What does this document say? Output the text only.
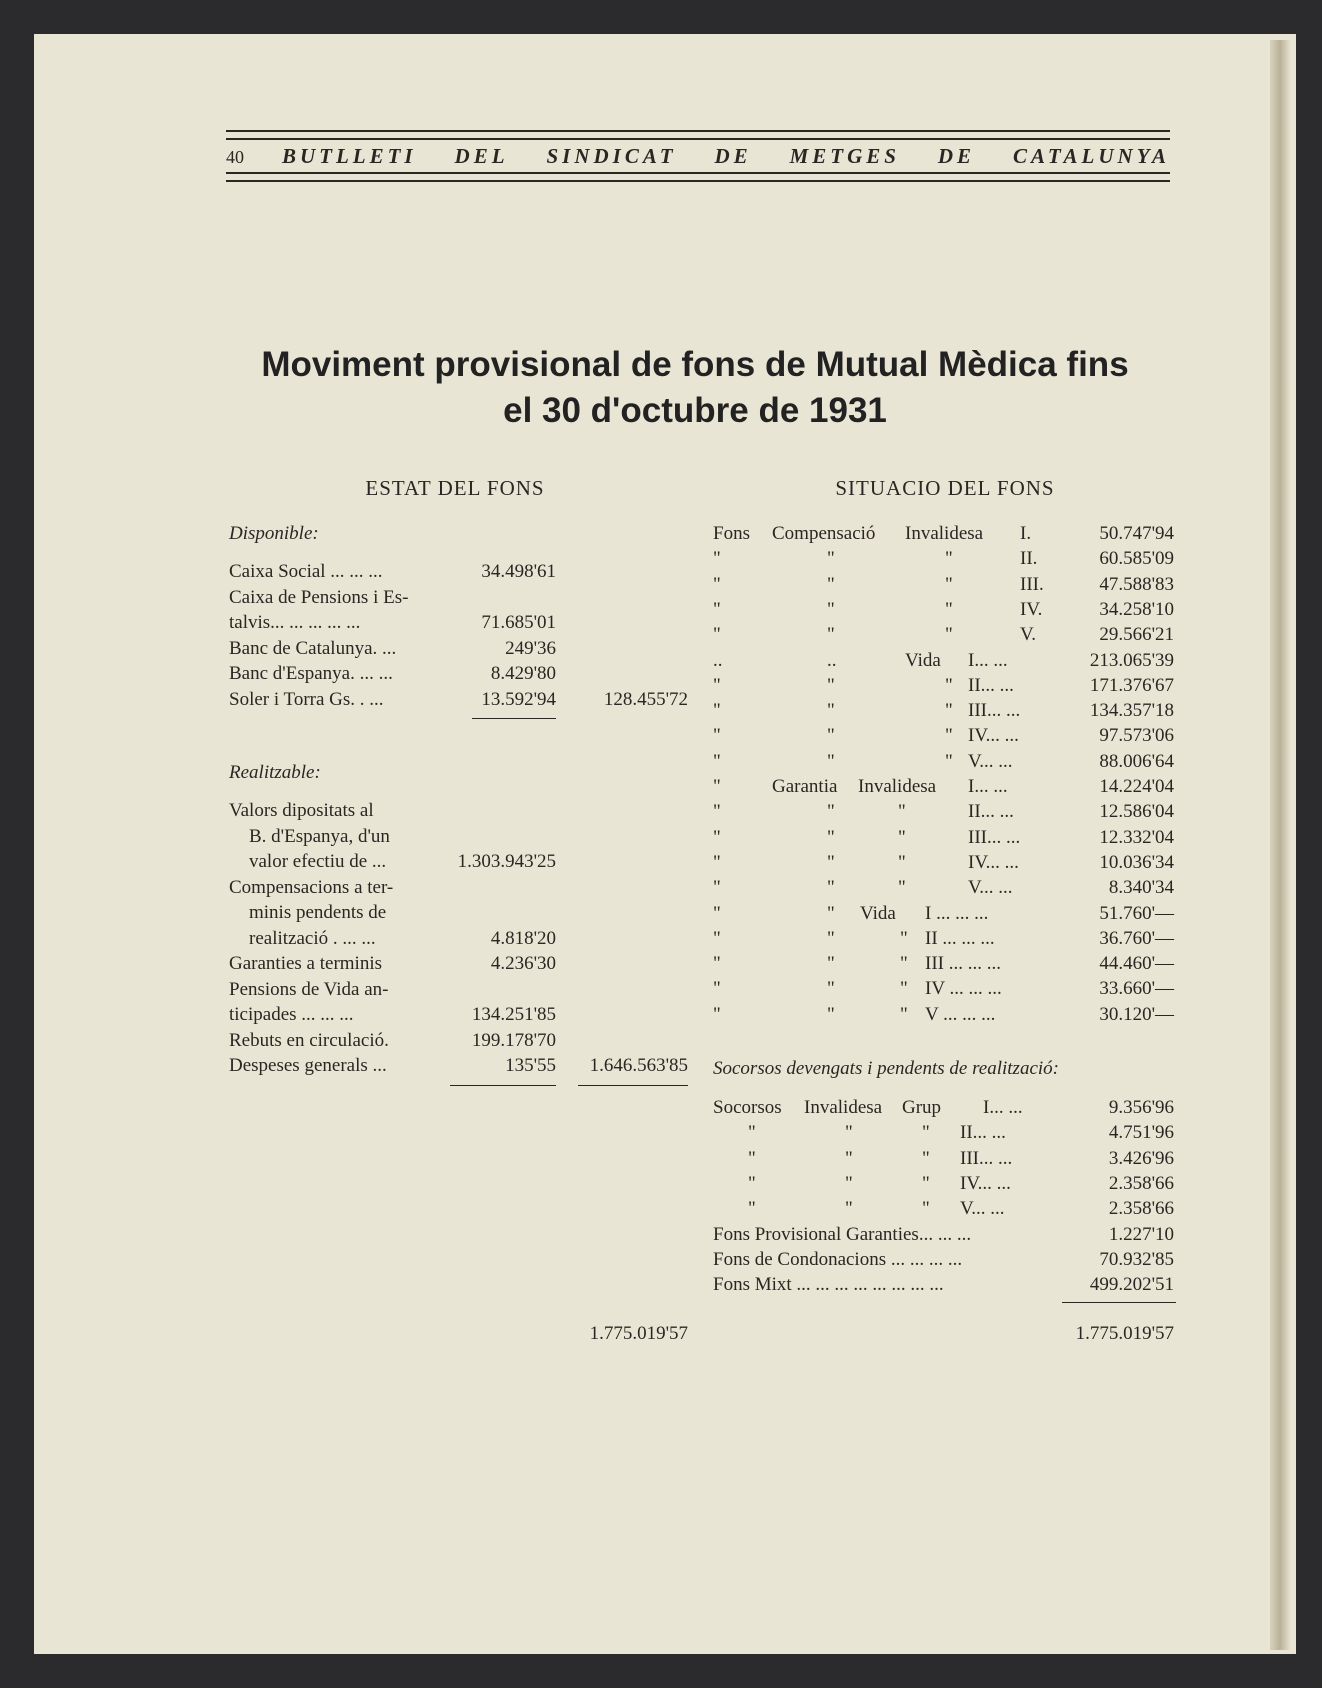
40 BUTLLETI DEL SINDICAT DE METGES DE CATALUNYA
Moviment provisional de fons de Mutual Mèdica fins
el 30 d'octubre de 1931
ESTAT DEL FONS	SITUACIO DEL FONS
Disponible:
Caixa Social ... ... ...	34.498'61
Caixa de Pensions i Es-
talvis... ... ... ... ...	71.685'01
Banc de Catalunya. ...	249'36
Banc d'Espanya. ... ...	8.429'80
Soler i Torra Gs. . ...	13.592'94	128.455'72
Realitzable:
Valors dipositats al
B. d'Espanya, d'un
valor efectiu de ...	1.303.943'25
Compensacions a ter-
minis pendents de
realització . ... ...	4.818'20
Garanties a terminis	4.236'30
Pensions de Vida an-
ticipades ... ... ...	134.251'85
Rebuts en circulació.	199.178'70
Despeses generals ...	135'55	1.646.563'85
1.775.019'57
Fons Compensació Invalidesa I.	50.747'94
"	"	"	II.	60.585'09
"	"	"	III.	47.588'83
"	"	"	IV.	34.258'10
"	"	"	V.	29.566'21
..	..	Vida I... ...	213.065'39
"	"	" II... ...	171.376'67
"	"	" III... ...	134.357'18
"	"	" IV... ...	97.573'06
"	"	" V... ...	88.006'64
"	Garantia Invalidesa I... ...	14.224'04
"	"	"	II... ...	12.586'04
"	"	"	III... ...	12.332'04
"	"	"	IV... ...	10.036'34
"	"	"	V... ...	8.340'34
"	" Vida I ... ... ...	51.760'—
"	"	" II ... ... ...	36.760'—
"	"	" III ... ... ...	44.460'—
"	"	" IV ... ... ...	33.660'—
"	"	" V ... ... ...	30.120'—
Socorsos devengats i pendents de realització:
Socorsos Invalidesa Grup I... ...	9.356'96
"	"	" II... ...	4.751'96
"	"	" III... ...	3.426'96
"	"	" IV... ...	2.358'66
"	"	" V... ...	2.358'66
Fons Provisional Garanties... ... ...	1.227'10
Fons de Condonacions ... ... ... ...	70.932'85
Fons Mixt ... ... ... ... ... ... ... ...	499.202'51
1.775.019'57
